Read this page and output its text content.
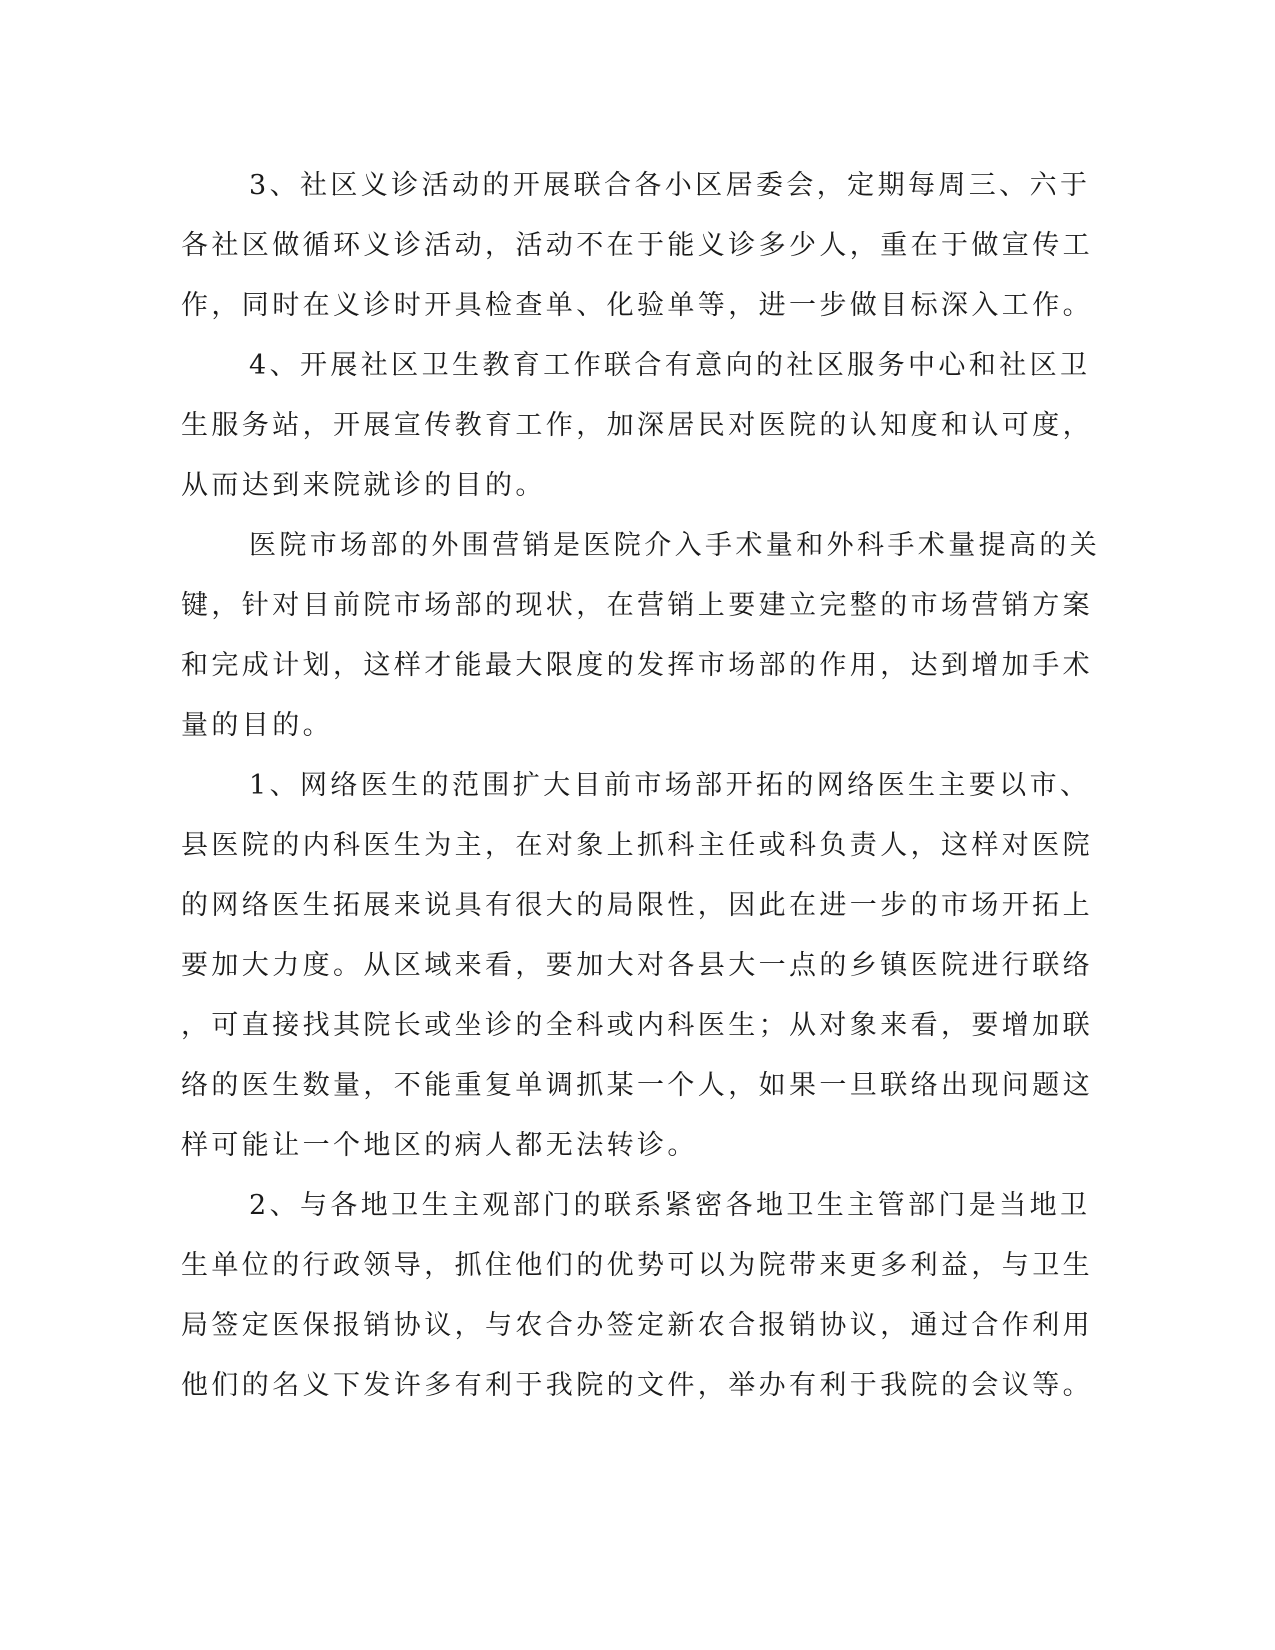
3、社区义诊活动的开展联合各小区居委会，定期每周三、六于
各社区做循环义诊活动，活动不在于能义诊多少人，重在于做宣传工
作，同时在义诊时开具检查单、化验单等，进一步做目标深入工作。

4、开展社区卫生教育工作联合有意向的社区服务中心和社区卫
生服务站，开展宣传教育工作，加深居民对医院的认知度和认可度，
从而达到来院就诊的目的。

医院市场部的外围营销是医院介入手术量和外科手术量提高的关
键，针对目前院市场部的现状，在营销上要建立完整的市场营销方案
和完成计划，这样才能最大限度的发挥市场部的作用，达到增加手术
量的目的。

1、网络医生的范围扩大目前市场部开拓的网络医生主要以市、
县医院的内科医生为主，在对象上抓科主任或科负责人，这样对医院
的网络医生拓展来说具有很大的局限性，因此在进一步的市场开拓上
要加大力度。从区域来看，要加大对各县大一点的乡镇医院进行联络
，可直接找其院长或坐诊的全科或内科医生；从对象来看，要增加联
络的医生数量，不能重复单调抓某一个人，如果一旦联络出现问题这
样可能让一个地区的病人都无法转诊。

2、与各地卫生主观部门的联系紧密各地卫生主管部门是当地卫
生单位的行政领导，抓住他们的优势可以为院带来更多利益，与卫生
局签定医保报销协议，与农合办签定新农合报销协议，通过合作利用
他们的名义下发许多有利于我院的文件，举办有利于我院的会议等。
